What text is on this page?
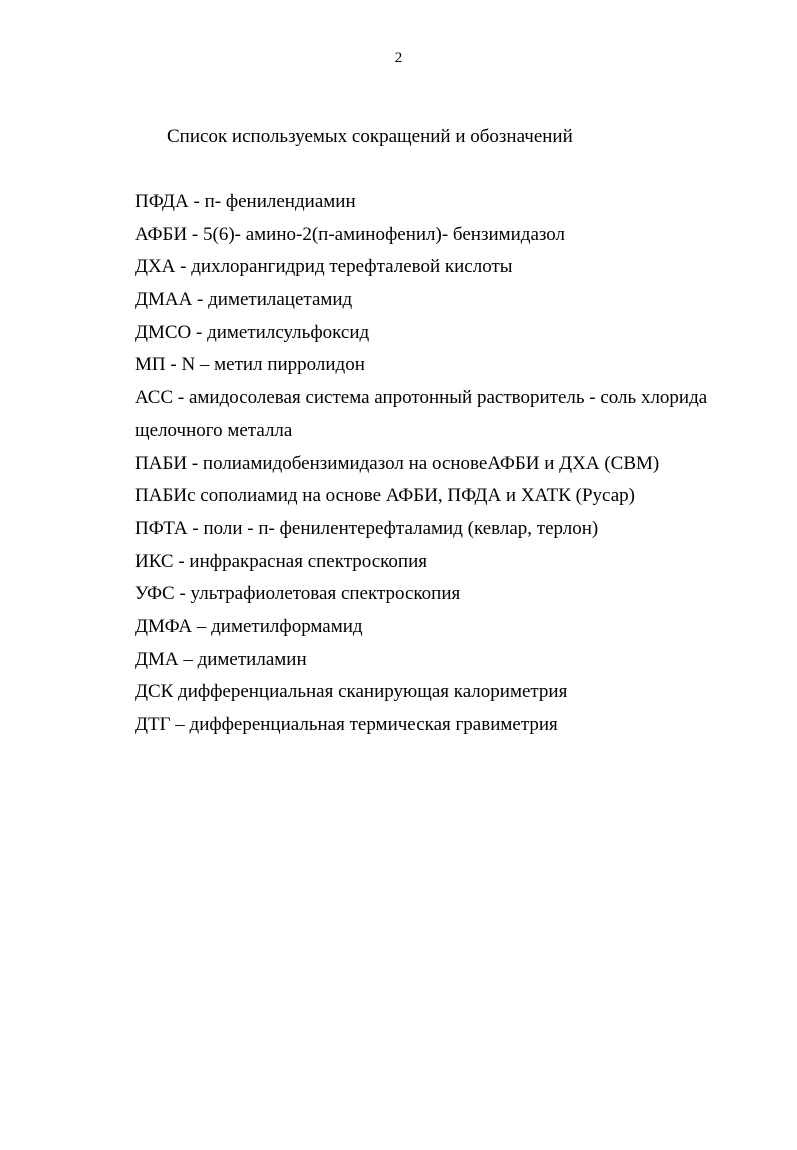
2
Список используемых сокращений и обозначений
ПФДА - п- фенилендиамин
АФБИ - 5(6)- амино-2(п-аминофенил)- бензимидазол
ДХА - дихлорангидрид терефталевой кислоты
ДМАА - диметилацетамид
ДМСО - диметилсульфоксид
МП - N – метил пирролидон
АСС - амидосолевая система апротонный растворитель - соль хлорида щелочного металла
ПАБИ - полиамидобензимидазол на основеАФБИ и ДХА (СВМ)
ПАБИс сополиамид на основе АФБИ, ПФДА и ХАТК (Русар)
ПФТА - поли - п- фенилентерефталамид (кевлар, терлон)
ИКС - инфракрасная спектроскопия
УФС - ультрафиолетовая спектроскопия
ДМФА – диметилформамид
ДМА – диметиламин
ДСК дифференциальная сканирующая калориметрия
ДТГ – дифференциальная термическая гравиметрия
